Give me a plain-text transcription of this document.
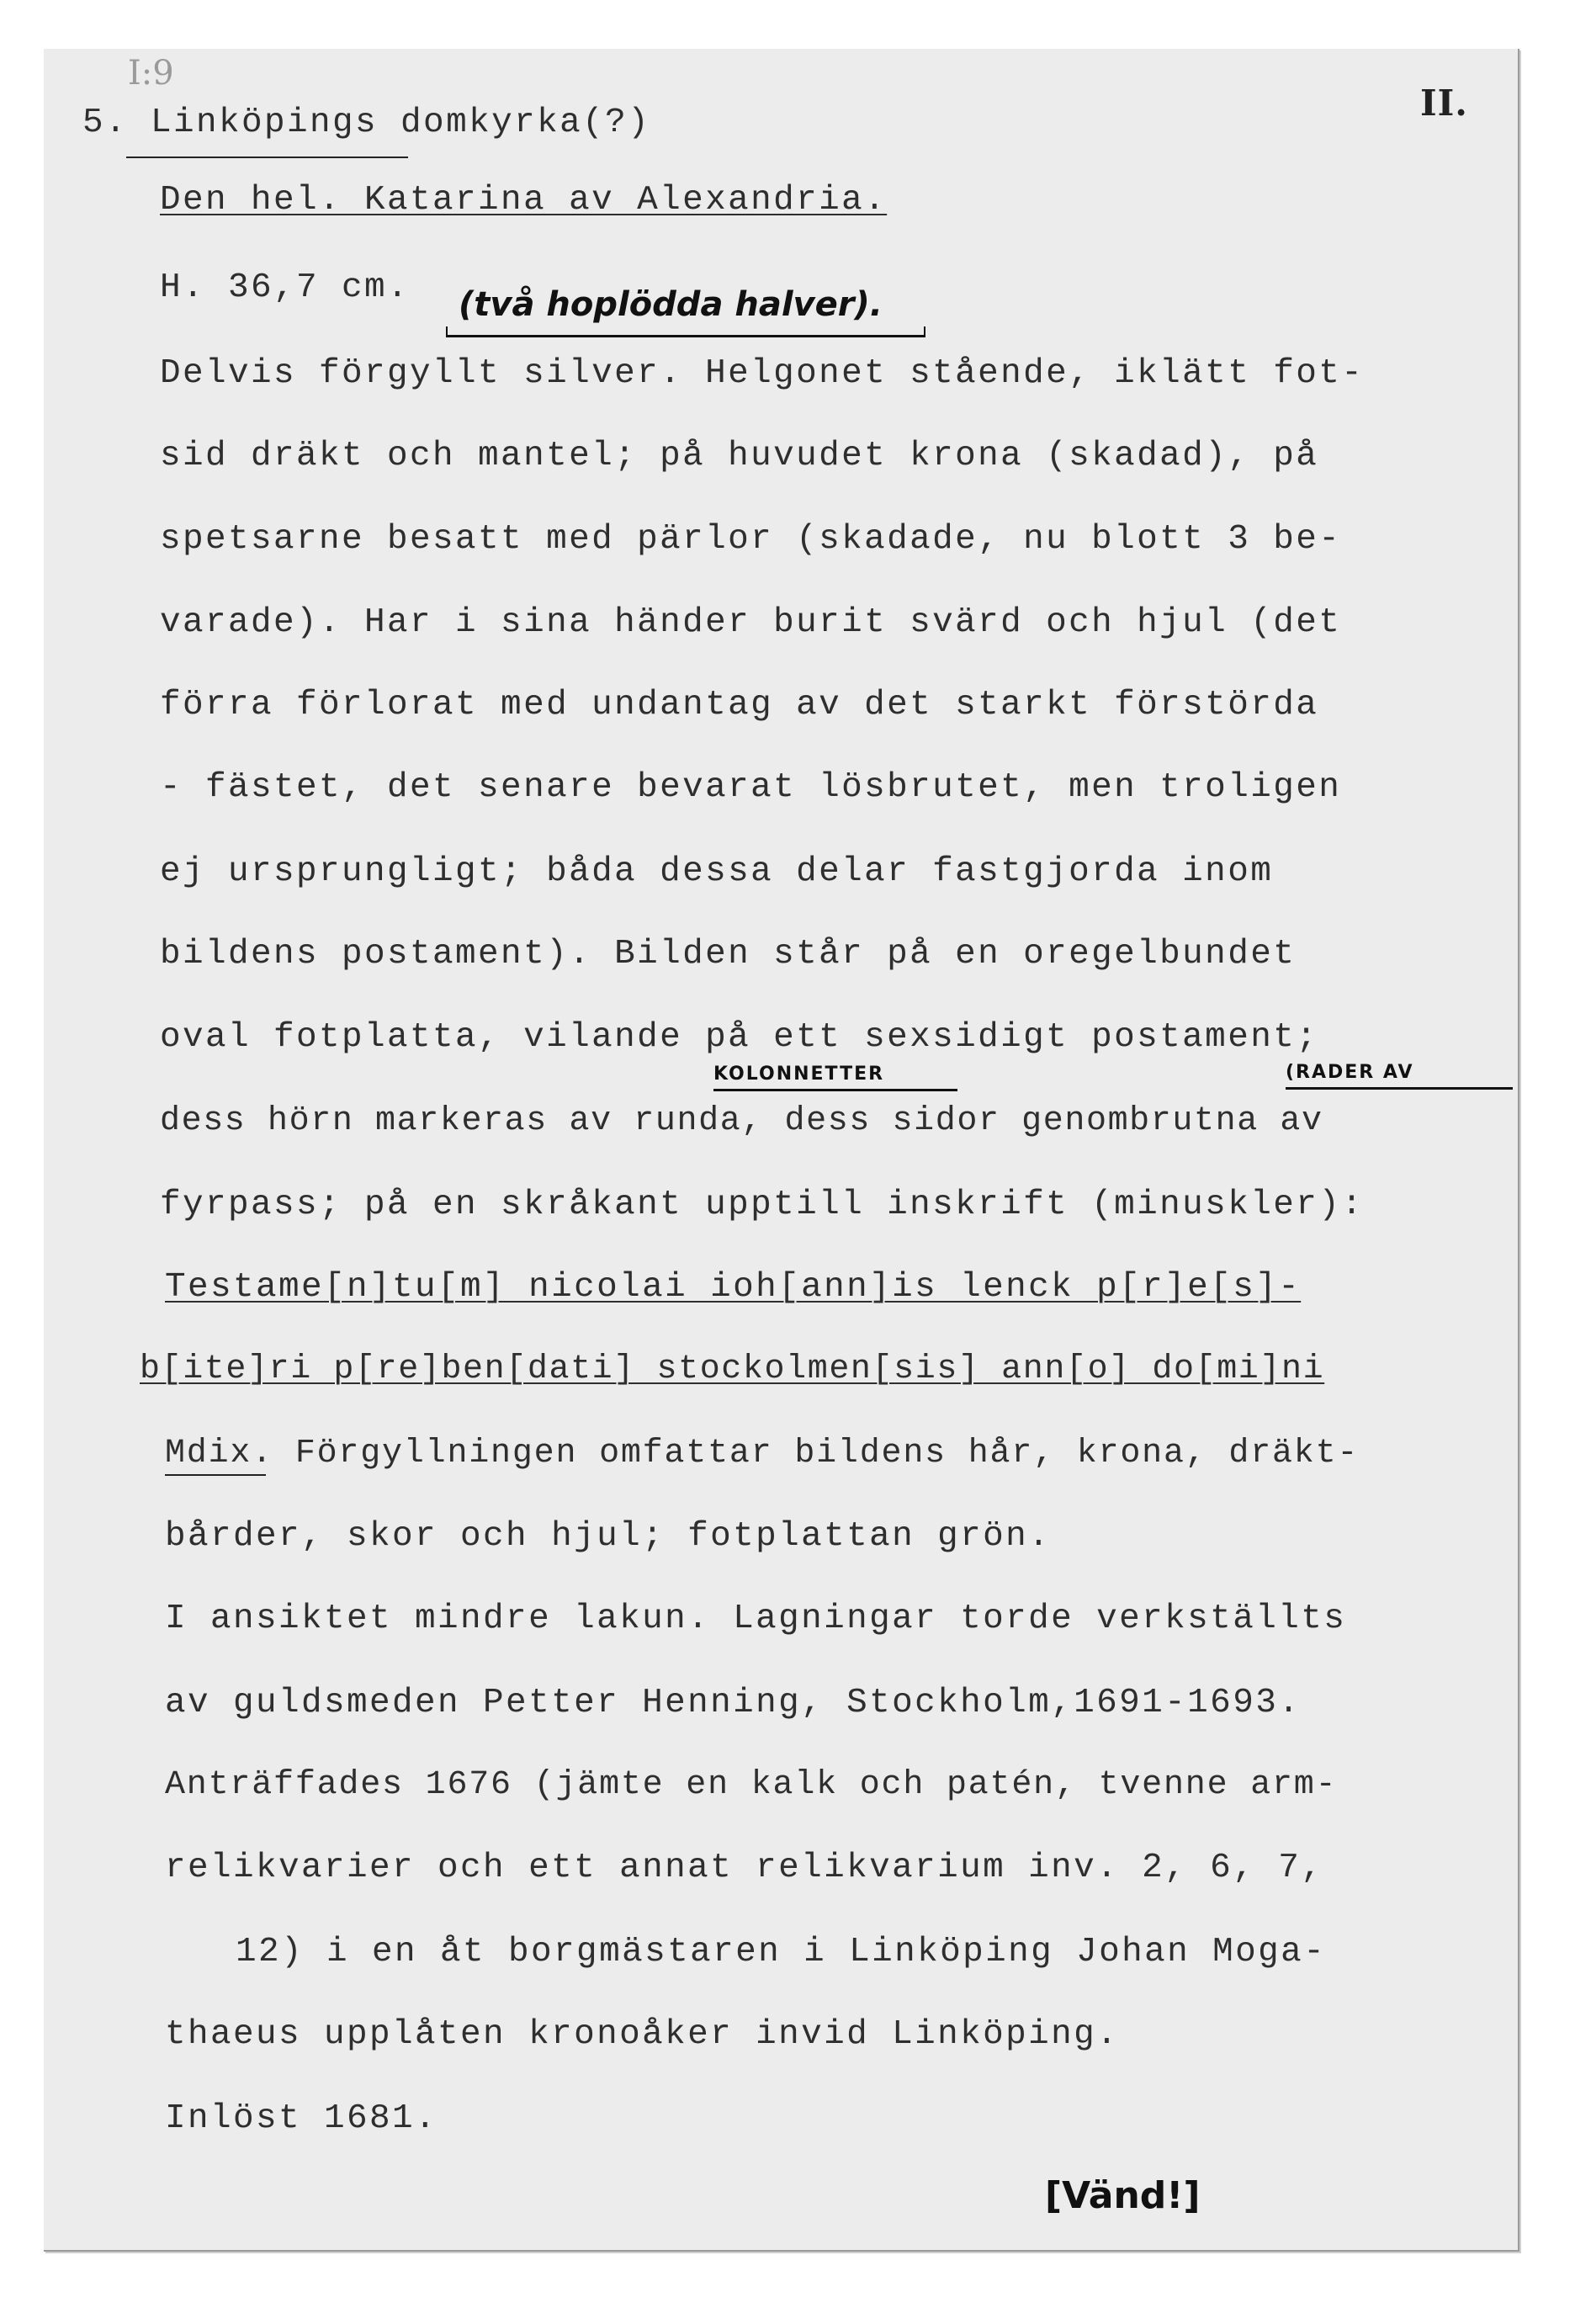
I:9
II.
5. Linköpings domkyrka(?)
Den hel. Katarina av Alexandria.
H. 36,7 cm.
Delvis förgyllt silver. Helgonet stående, iklätt fot-
sid dräkt och mantel; på huvudet krona (skadad), på
spetsarne besatt med pärlor (skadade, nu blott 3 be-
varade). Har i sina händer burit svärd och hjul (det
förra förlorat med undantag av det starkt förstörda
- fästet, det senare bevarat lösbrutet, men troligen
ej ursprungligt; båda dessa delar fastgjorda inom
bildens postament). Bilden står på en oregelbundet
oval fotplatta, vilande på ett sexsidigt postament;
dess hörn markeras av runda, dess sidor genombrutna av
fyrpass; på en skråkant upptill inskrift (minuskler):
Testame[n]tu[m] nicolai ioh[ann]is lenck p[r]e[s]-
b[ite]ri p[re]ben[dati] stockolmen[sis] ann[o] do[mi]ni
Mdix. Förgyllningen omfattar bildens hår, krona, dräkt-
bårder, skor och hjul; fotplattan grön.
I ansiktet mindre lakun. Lagningar torde verkställts
av guldsmeden Petter Henning, Stockholm,1691-1693.
Anträffades 1676 (jämte en kalk och patén, tvenne arm-
relikvarier och ett annat relikvarium inv. 2, 6, 7,
12) i en åt borgmästaren i Linköping Johan Moga-
thaeus upplåten kronoåker invid Linköping.
Inlöst 1681.
(två hoplödda halver).
KOLONNETTER	(RADER AV
[Vänd!]
